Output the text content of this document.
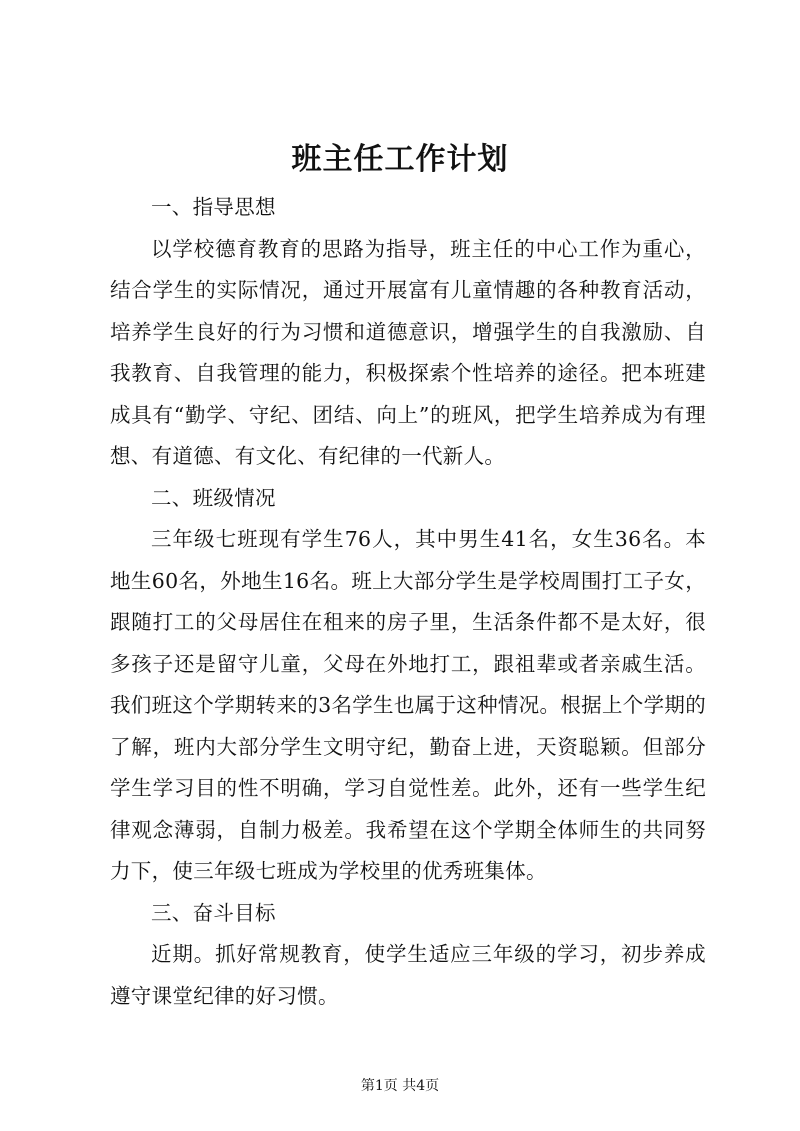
班主任工作计划
一、指导思想

以学校德育教育的思路为指导，班主任的中心工作为重心，结合学生的实际情况，通过开展富有儿童情趣的各种教育活动，培养学生良好的行为习惯和道德意识，增强学生的自我激励、自我教育、自我管理的能力，积极探索个性培养的途径。把本班建成具有“勤学、守纪、团结、向上”的班风，把学生培养成为有理想、有道德、有文化、有纪律的一代新人。

二、班级情况

三年级七班现有学生76人，其中男生41名，女生36名。本地生60名，外地生16名。班上大部分学生是学校周围打工子女，跟随打工的父母居住在租来的房子里，生活条件都不是太好，很多孩子还是留守儿童，父母在外地打工，跟祖辈或者亲戚生活。我们班这个学期转来的3名学生也属于这种情况。根据上个学期的了解，班内大部分学生文明守纪，勤奋上进，天资聪颖。但部分学生学习目的性不明确，学习自觉性差。此外，还有一些学生纪律观念薄弱，自制力极差。我希望在这个学期全体师生的共同努力下，使三年级七班成为学校里的优秀班集体。

三、奋斗目标

近期。抓好常规教育，使学生适应三年级的学习，初步养成遵守课堂纪律的好习惯。

第1页 共4页
